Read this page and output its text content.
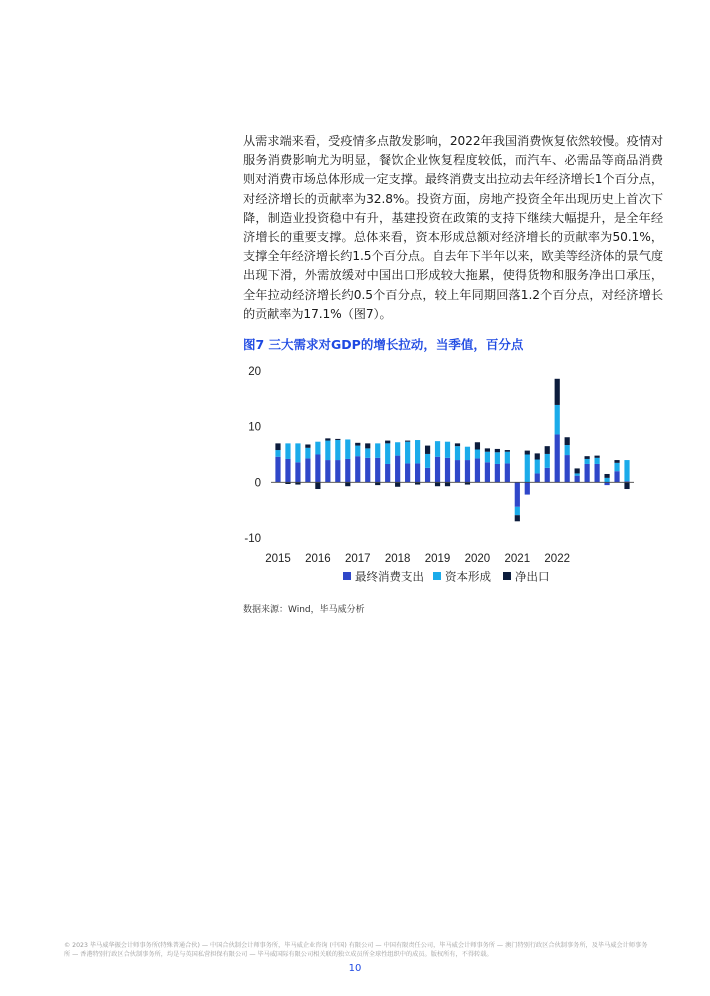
从需求端来看，受疫情多点散发影响，2022年我国消费恢复依然较慢。疫情对服务消费影响尤为明显，餐饮企业恢复程度较低，而汽车、必需品等商品消费则对消费市场总体形成一定支撑。最终消费支出拉动去年经济增长1个百分点，对经济增长的贡献率为32.8%。投资方面，房地产投资全年出现历史上首次下降，制造业投资稳中有升，基建投资在政策的支持下继续大幅提升，是全年经济增长的重要支撑。总体来看，资本形成总额对经济增长的贡献率为50.1%，支撑全年经济增长约1.5个百分点。自去年下半年以来，欧美等经济体的景气度出现下滑，外需放缓对中国出口形成较大拖累，使得货物和服务净出口承压，全年拉动经济增长约0.5个百分点，较上年同期回落1.2个百分点，对经济增长的贡献率为17.1%（图7）。

图7 三大需求对GDP的增长拉动，当季值，百分点
20
10
0
-10
2015 2016 2017 2018 2019 2020 2021 2022
最终消费支出 资本形成 净出口
数据来源：Wind，毕马威分析
© 2023 毕马威华振会计师事务所(特殊普通合伙) — 中国合伙制会计师事务所，毕马威企业咨询 (中国) 有限公司 — 中国有限责任公司，毕马威会计师事务所 — 澳门特别行政区合伙制事务所，及毕马威会计师事务所 — 香港特别行政区合伙制事务所，均是与英国私营担保有限公司 — 毕马威国际有限公司相关联的独立成员所全球性组织中的成员。版权所有，不得转载。
10
